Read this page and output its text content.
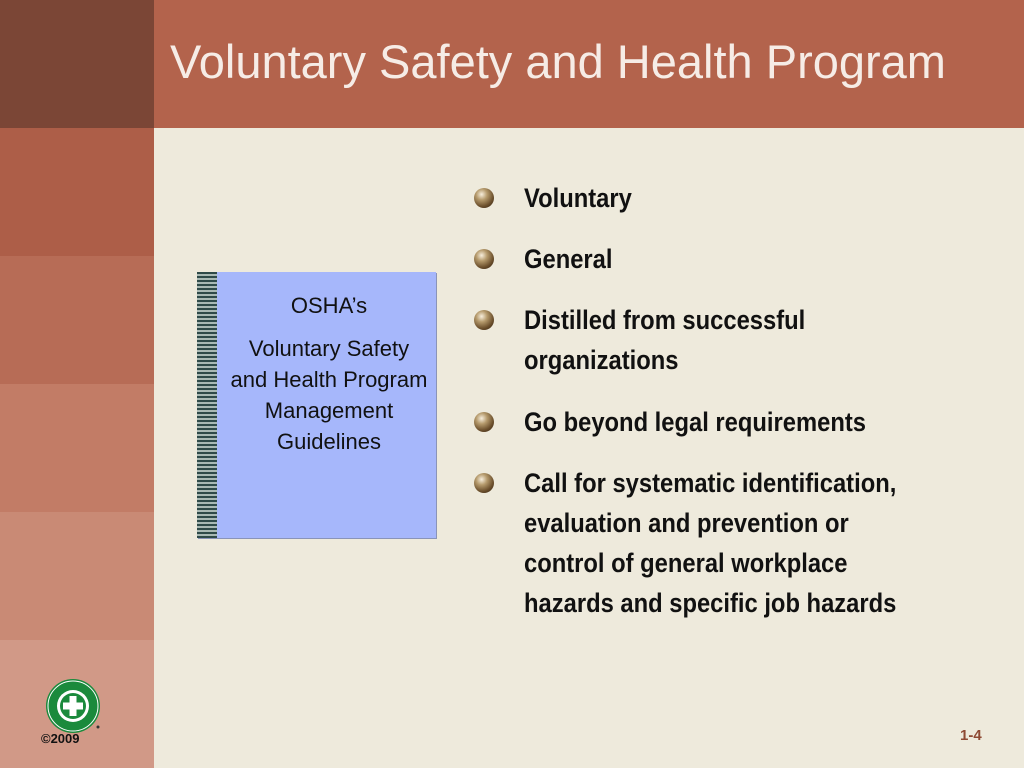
Voluntary Safety and Health Program
OSHA’s
Voluntary Safety and Health Program Management Guidelines
Voluntary
General
Distilled from successful
organizations
Go beyond legal requirements
Call for systematic identification,
evaluation and prevention or
control of general workplace
hazards and specific job hazards
©2009	1-4
